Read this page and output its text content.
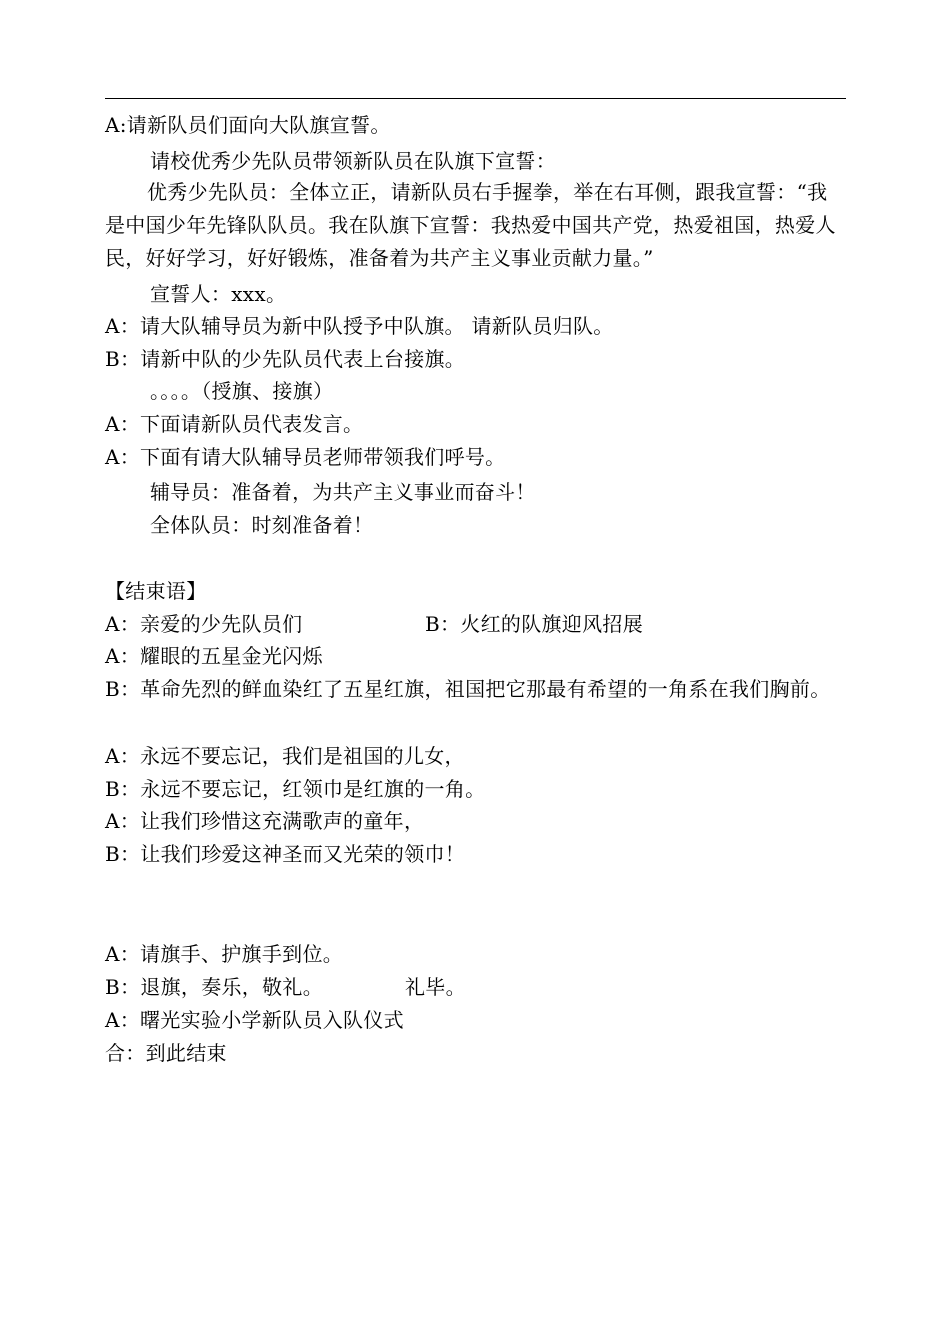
A:请新队员们面向大队旗宣誓。
请校优秀少先队员带领新队员在队旗下宣誓：
优秀少先队员：全体立正，请新队员右手握拳，举在右耳侧，跟我宣誓：“我是中国少年先锋队队员。我在队旗下宣誓：我热爱中国共产党，热爱祖国，热爱人民，好好学习，好好锻炼，准备着为共产主义事业贡献力量。”
宣誓人：xxx。
A：请大队辅导员为新中队授予中队旗。 请新队员归队。
B：请新中队的少先队员代表上台接旗。
。。。。（授旗、接旗）
A：下面请新队员代表发言。
A：下面有请大队辅导员老师带领我们呼号。
辅导员：准备着，为共产主义事业而奋斗！
全体队员：时刻准备着！
【结束语】
A：亲爱的少先队员们	B：火红的队旗迎风招展
A：耀眼的五星金光闪烁
B：革命先烈的鲜血染红了五星红旗，祖国把它那最有希望的一角系在我们胸前。
A：永远不要忘记，我们是祖国的儿女，
B：永远不要忘记，红领巾是红旗的一角。
A：让我们珍惜这充满歌声的童年，
B：让我们珍爱这神圣而又光荣的领巾！
A：请旗手、护旗手到位。
B：退旗，奏乐，敬礼。	礼毕。
A：曙光实验小学新队员入队仪式
合：到此结束
